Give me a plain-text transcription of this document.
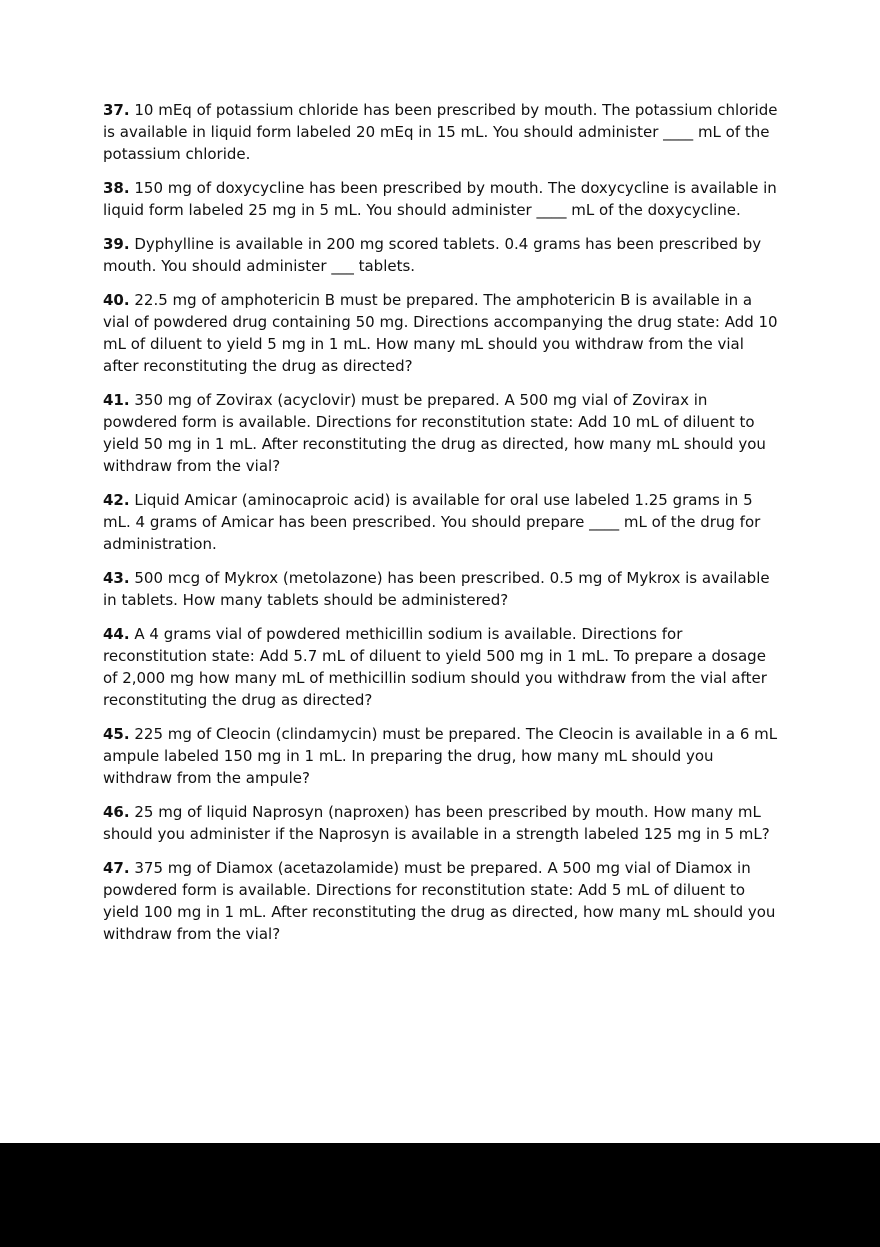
37. 10 mEq of potassium chloride has been prescribed by mouth. The potassium chloride is available in liquid form labeled 20 mEq in 15 mL. You should administer ____ mL of the potassium chloride.

38. 150 mg of doxycycline has been prescribed by mouth. The doxycycline is available in liquid form labeled 25 mg in 5 mL. You should administer ____ mL of the doxycycline.

39. Dyphylline is available in 200 mg scored tablets. 0.4 grams has been prescribed by mouth. You should administer ___ tablets.

40. 22.5 mg of amphotericin B must be prepared. The amphotericin B is available in a vial of powdered drug containing 50 mg. Directions accompanying the drug state: Add 10 mL of diluent to yield 5 mg in 1 mL. How many mL should you withdraw from the vial after reconstituting the drug as directed?

41. 350 mg of Zovirax (acyclovir) must be prepared. A 500 mg vial of Zovirax in powdered form is available. Directions for reconstitution state: Add 10 mL of diluent to yield 50 mg in 1 mL. After reconstituting the drug as directed, how many mL should you withdraw from the vial?

42. Liquid Amicar (aminocaproic acid) is available for oral use labeled 1.25 grams in 5 mL. 4 grams of Amicar has been prescribed. You should prepare ____ mL of the drug for administration.

43. 500 mcg of Mykrox (metolazone) has been prescribed. 0.5 mg of Mykrox is available in tablets. How many tablets should be administered?

44. A 4 grams vial of powdered methicillin sodium is available. Directions for reconstitution state: Add 5.7 mL of diluent to yield 500 mg in 1 mL. To prepare a dosage of 2,000 mg how many mL of methicillin sodium should you withdraw from the vial after reconstituting the drug as directed?

45. 225 mg of Cleocin (clindamycin) must be prepared. The Cleocin is available in a 6 mL ampule labeled 150 mg in 1 mL. In preparing the drug, how many mL should you withdraw from the ampule?

46. 25 mg of liquid Naprosyn (naproxen) has been prescribed by mouth. How many mL should you administer if the Naprosyn is available in a strength labeled 125 mg in 5 mL?

47. 375 mg of Diamox (acetazolamide) must be prepared. A 500 mg vial of Diamox in powdered form is available. Directions for reconstitution state: Add 5 mL of diluent to yield 100 mg in 1 mL. After reconstituting the drug as directed, how many mL should you withdraw from the vial?
